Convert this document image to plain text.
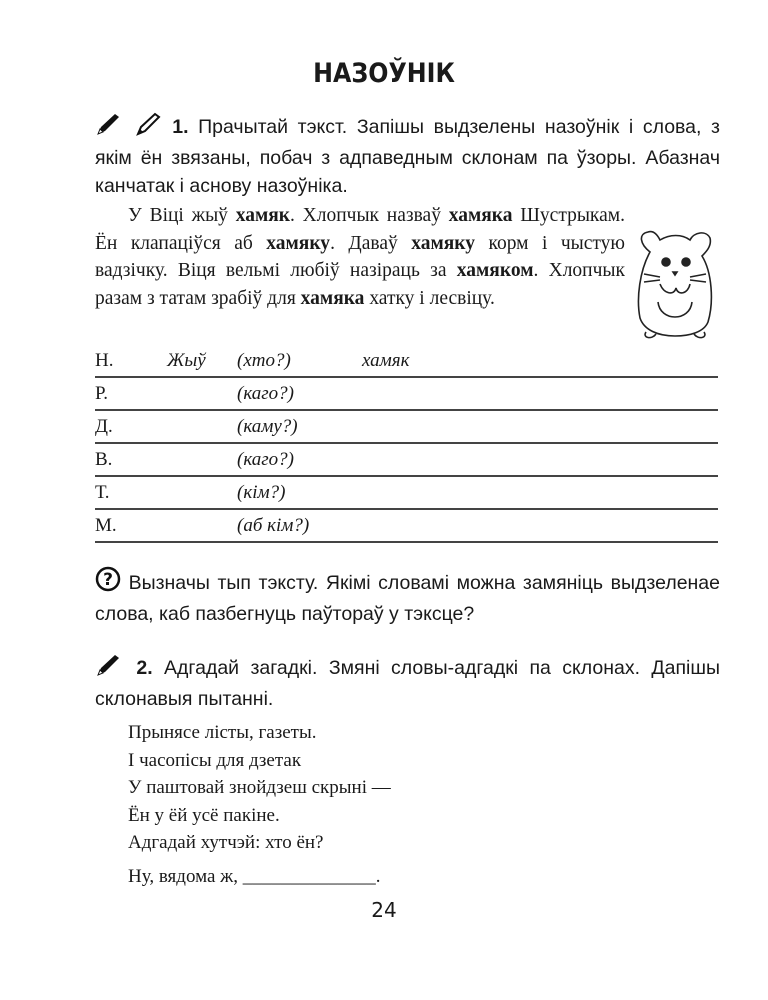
НАЗОЎНІК
1. Прачытай тэкст. Запішы выдзелены назоўнік і слова, з якім ён звязаны, побач з адпаведным склонам па ўзоры. Абазнач канчатак і аснову назоўніка.

У Віці жыў хамяк. Хлопчык назваў хамяка Шустрыкам. Ён клапаціўся аб хамяку. Даваў хамяку корм і чыстую вадзічку. Віця вельмі любіў назіраць за хамяком. Хлопчык разам з татам зрабіў для хамяка хатку і лесвіцу.

Н.	Жыў	(хто?)	хамяк
Р.		(каго?)	
Д.		(каму?)	
В.		(каго?)	
Т.		(кім?)	
М.		(аб кім?)	
? Вызначы тып тэксту. Якімі словамі можна замяніць выдзеленае слова, каб пазбегнуць паўтораў у тэксце?
2. Адгадай загадкі. Змяні словы-адгадкі па склонах. Дапішы склонавыя пытанні.
Прынясе лісты, газеты.
І часопісы для дзетак
У паштовай знойдзеш скрыні —
Ён у ёй усё пакіне.
Адгадай хутчэй: хто ён?
Ну, вядома ж, ______________.
24
